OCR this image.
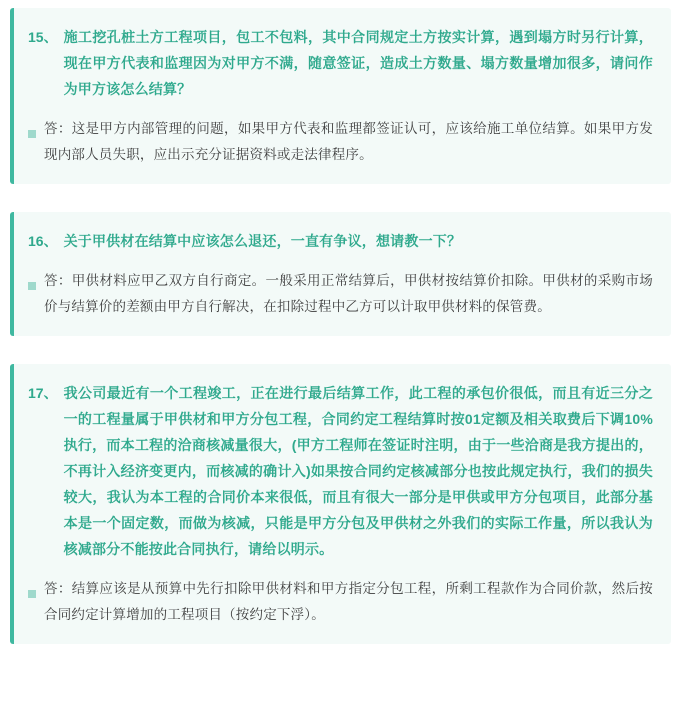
15、 施工挖孔桩土方工程项目，包工不包料，其中合同规定土方按实计算，遇到塌方时另行计算，现在甲方代表和监理因为对甲方不满，随意签证，造成土方数量、塌方数量增加很多，请问作为甲方该怎么结算？
答：这是甲方内部管理的问题，如果甲方代表和监理都签证认可，应该给施工单位结算。如果甲方发现内部人员失职，应出示充分证据资料或走法律程序。
16、 关于甲供材在结算中应该怎么退还，一直有争议，想请教一下？
答：甲供材料应甲乙双方自行商定。一般采用正常结算后，甲供材按结算价扣除。甲供材的采购市场价与结算价的差额由甲方自行解决，在扣除过程中乙方可以计取甲供材料的保管费。
17、 我公司最近有一个工程竣工，正在进行最后结算工作，此工程的承包价很低，而且有近三分之一的工程量属于甲供材和甲方分包工程，合同约定工程结算时按01定额及相关取费后下调10%执行，而本工程的洽商核减量很大，(甲方工程师在签证时注明，由于一些洽商是我方提出的，不再计入经济变更内，而核减的确计入)如果按合同约定核减部分也按此规定执行，我们的损失较大，我认为本工程的合同价本来很低，而且有很大一部分是甲供或甲方分包项目，此部分基本是一个固定数，而做为核减，只能是甲方分包及甲供材之外我们的实际工作量，所以我认为核减部分不能按此合同执行，请给以明示。
答：结算应该是从预算中先行扣除甲供材料和甲方指定分包工程，所剩工程款作为合同价款，然后按合同约定计算增加的工程项目（按约定下浮）。
